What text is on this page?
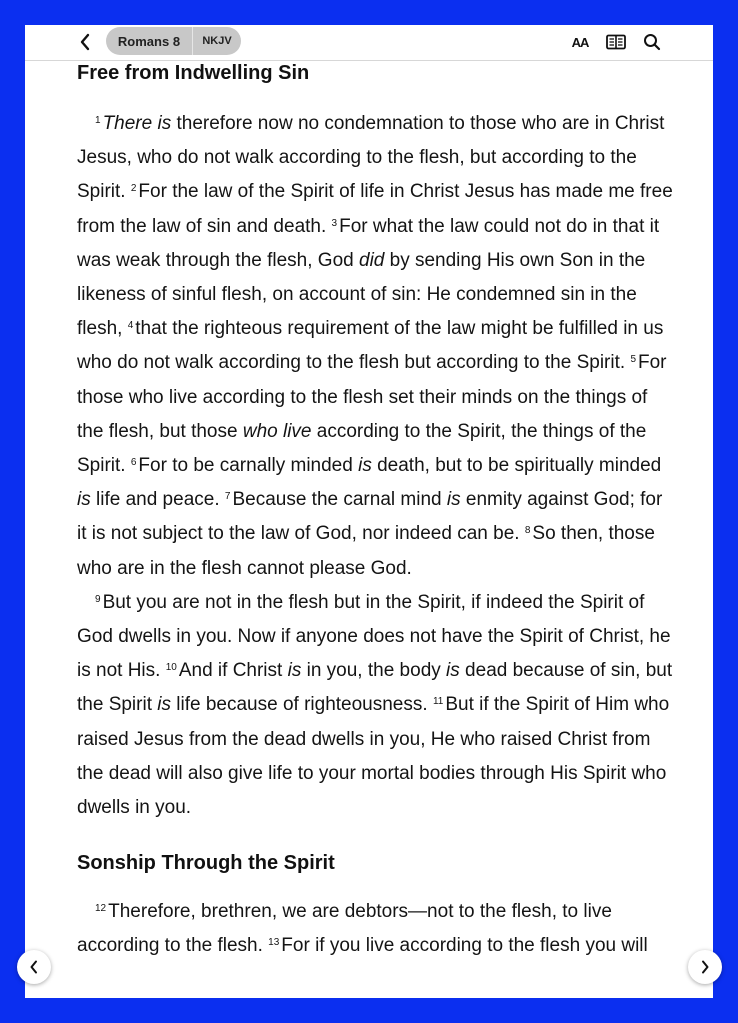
Romans 8	NKJV	AA
Free from Indwelling Sin

$^1$ There is therefore now no condemnation to those who are in Christ Jesus, who do not walk according to the flesh, but according to the Spirit. $^2$ For the law of the Spirit of life in Christ Jesus has made me free from the law of sin and death. $^3$ For what the law could not do in that it was weak through the flesh, God did by sending His own Son in the likeness of sinful flesh, on account of sin: He condemned sin in the flesh, $^4$ that the righteous requirement of the law might be fulfilled in us who do not walk according to the flesh but according to the Spirit. $^5$ For those who live according to the flesh set their minds on the things of the flesh, but those who live according to the Spirit, the things of the Spirit. $^6$ For to be carnally minded is death, but to be spiritually minded is life and peace. $^7$ Because the carnal mind is enmity against God; for it is not subject to the law of God, nor indeed can be. $^8$ So then, those who are in the flesh cannot please God.

$^9$ But you are not in the flesh but in the Spirit, if indeed the Spirit of God dwells in you. Now if anyone does not have the Spirit of Christ, he is not His. $^{10}$ And if Christ is in you, the body is dead because of sin, but the Spirit is life because of righteousness. $^{11}$ But if the Spirit of Him who raised Jesus from the dead dwells in you, He who raised Christ from the dead will also give life to your mortal bodies through His Spirit who dwells in you.

Sonship Through the Spirit

$^{12}$ Therefore, brethren, we are debtors—not to the flesh, to live according to the flesh. $^{13}$ For if you live according to the flesh you will
